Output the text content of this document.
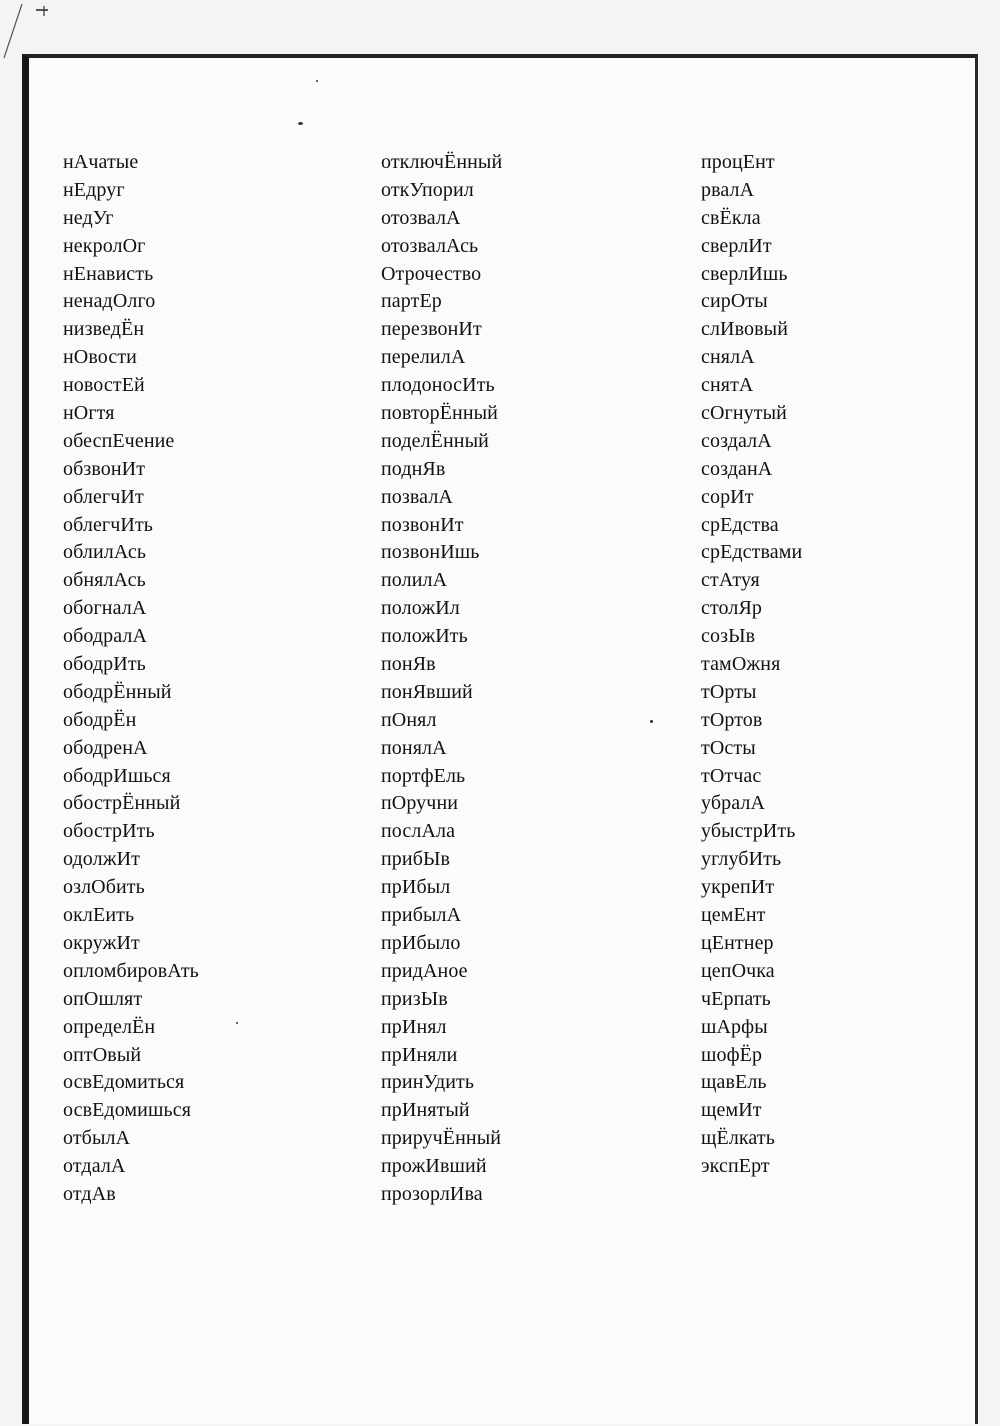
нАчатые
нЕдруг
недУг
некролОг
нЕнависть
ненадОлго
низведЁн
нОвости
новостЕй
нОгтя
обеспЕчение
обзвонИт
облегчИт
облегчИть
облилАсь
обнялАсь
обогналА
ободралА
ободрИть
ободрЁнный
ободрЁн
ободренА
ободрИшься
обострЁнный
обострИть
одолжИт
озлОбить
оклЕить
окружИт
опломбировАть
опОшлят
определЁн
оптОвый
освЕдомиться
освЕдомишься
отбылА
отдалА
отдАв
отключЁнный
откУпорил
отозвалА
отозвалАсь
Отрочество
партЕр
перезвонИт
перелилА
плодоносИть
повторЁнный
поделЁнный
поднЯв
позвалА
позвонИт
позвонИшь
полилА
положИл
положИть
понЯв
понЯвший
пОнял
понялА
портфЕль
пОручни
послАла
прибЫв
прИбыл
прибылА
прИбыло
придАное
призЫв
прИнял
прИняли
принУдить
прИнятый
приручЁнный
прожИвший
прозорлИва
процЕнт
рвалА
свЁкла
сверлИт
сверлИшь
сирОты
слИвовый
снялА
снятА
сОгнутый
создалА
созданА
сорИт
срЕдства
срЕдствами
стАтуя
столЯр
созЫв
тамОжня
тОрты
тОртов
тОсты
тОтчас
убралА
убыстрИть
углубИть
укрепИт
цемЕнт
цЕнтнер
цепОчка
чЕрпать
шАрфы
шофЁр
щавЕль
щемИт
щЁлкать
экспЕрт
